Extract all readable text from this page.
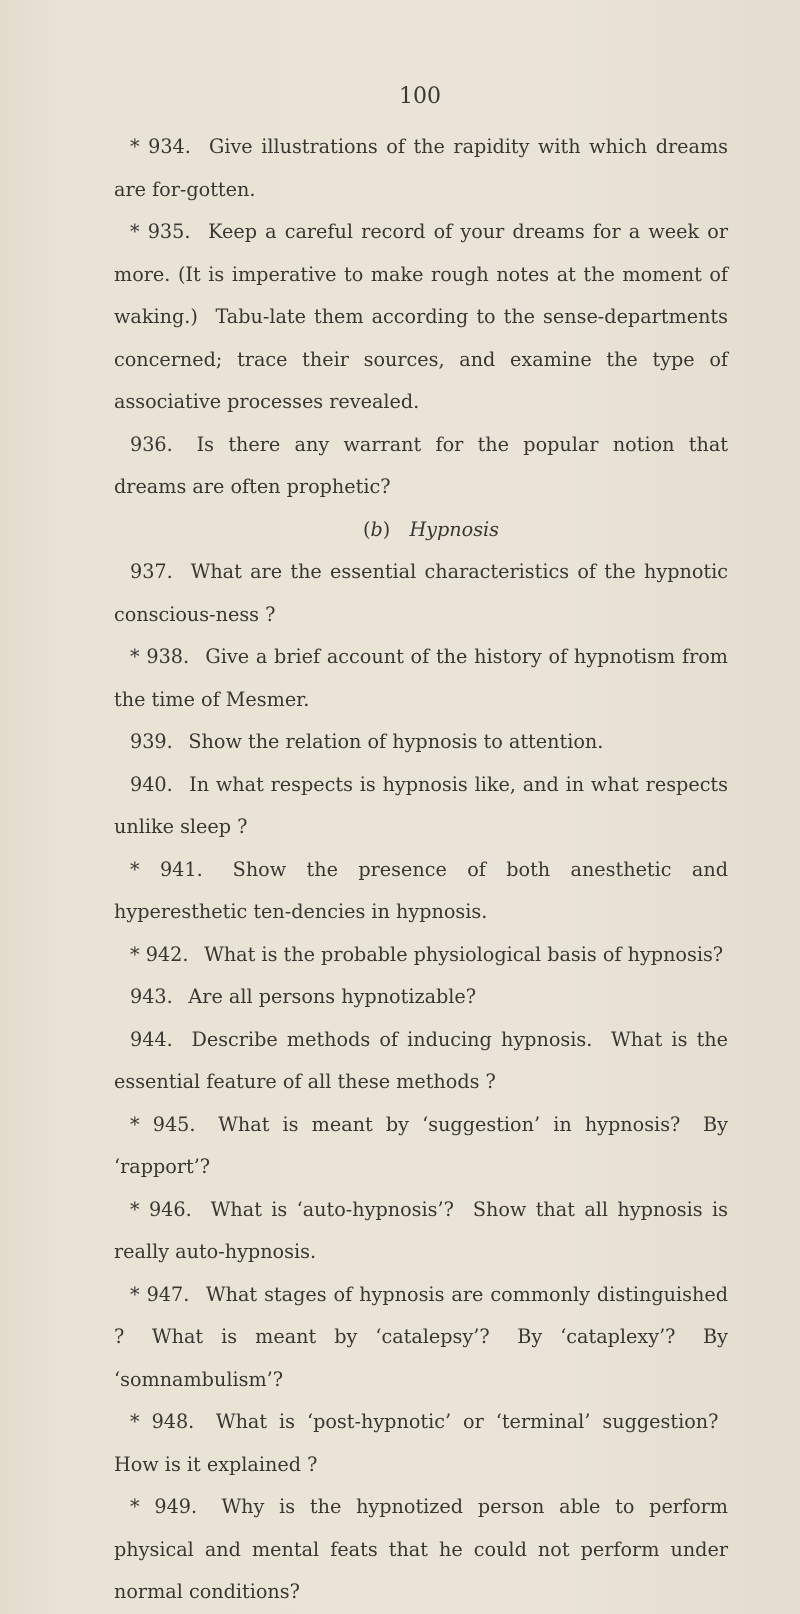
100

* 934.  Give illustrations of the rapidity with which dreams are for-gotten.

* 935.  Keep a careful record of your dreams for a week or more. (It is imperative to make rough notes at the moment of waking.)  Tabu-late them according to the sense-departments concerned; trace their sources, and examine the type of associative processes revealed.

936.  Is there any warrant for the popular notion that dreams are often prophetic?

(b)  Hypnosis

937.  What are the essential characteristics of the hypnotic conscious-ness ?

* 938.  Give a brief account of the history of hypnotism from the time of Mesmer.

939.  Show the relation of hypnosis to attention.

940.  In what respects is hypnosis like, and in what respects unlike sleep ?

* 941.  Show the presence of both anesthetic and hyperesthetic ten-dencies in hypnosis.

* 942.  What is the probable physiological basis of hypnosis?

943.  Are all persons hypnotizable?

944.  Describe methods of inducing hypnosis.  What is the essential feature of all these methods ?

* 945.  What is meant by ‘suggestion’ in hypnosis?  By ‘rapport’?

* 946.  What is ‘auto-hypnosis’?  Show that all hypnosis is really auto-hypnosis.

* 947.  What stages of hypnosis are commonly distinguished ?  What is meant by ‘catalepsy’?  By ‘cataplexy’?  By ‘somnambulism’?

* 948.  What is ‘post-hypnotic’ or ‘terminal’ suggestion?  How is it explained ?

* 949.  Why is the hypnotized person able to perform physical and mental feats that he could not perform under normal conditions?
